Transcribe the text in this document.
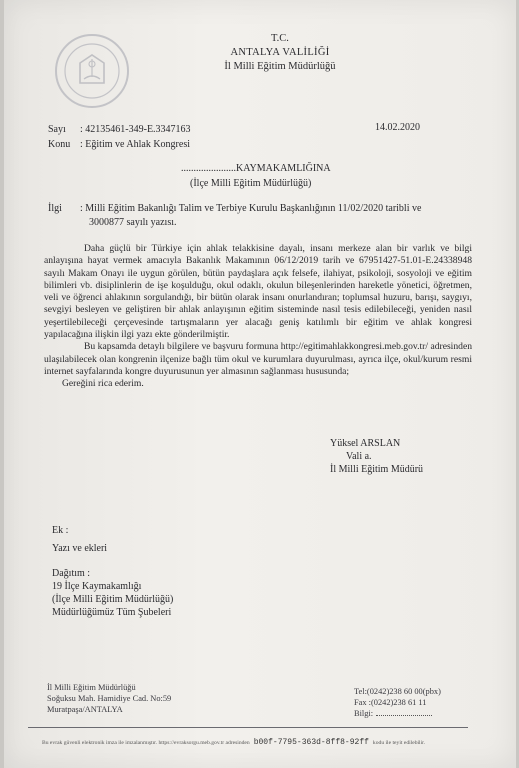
T.C.
ANTALYA VALİLİĞİ
İl Milli Eğitim Müdürlüğü
Sayı : 42135461-349-E.3347163	14.02.2020
Konu : Eğitim ve Ahlak Kongresi
......................KAYMAKAMLIĞINA
(İlçe Milli Eğitim Müdürlüğü)
İlgi : Milli Eğitim Bakanlığı Talim ve Terbiye Kurulu Başkanlığının 11/02/2020 taribli ve
3000877 sayılı yazısı.

Daha güçlü bir Türkiye için ahlak telakkisine dayalı, insanı merkeze alan bir varlık ve bilgi anlayışına hayat vermek amacıyla Bakanlık Makamının 06/12/2019 tarih ve 67951427-51.01-E.24338948 sayılı Makam Onayı ile uygun görülen, bütün paydaşlara açık felsefe, ilahiyat, psikoloji, sosyoloji ve eğitim bilimleri vb. disiplinlerin de işe koşulduğu, okul odaklı, okulun bileşenlerinden hareketle yönetici, öğretmen, veli ve öğrenci ahlakının sorgulandığı, bir bütün olarak insanı onurlandıran; toplumsal huzuru, barışı, saygıyı, sevgiyi besleyen ve geliştiren bir ahlak anlayışının eğitim sisteminde nasıl tesis edilebileceği, yeniden nasıl yeşertilebileceği çerçevesinde tartışmaların yer alacağı geniş katılımlı bir eğitim ve ahlak kongresi yapılacağına ilişkin ilgi yazı ekte gönderilmiştir.

Bu kapsamda detaylı bilgilere ve başvuru formuna http://egitimahlakkongresi.meb.gov.tr/ adresinden ulaşılabilecek olan kongrenin ilçenize bağlı tüm okul ve kurumlara duyurulması, ayrıca ilçe, okul/kurum resmi internet sayfalarında kongre duyurusunun yer almasının sağlanması hususunda;

Gereğini rica ederim.

Yüksel ARSLAN
Vali a.
İl Milli Eğitim Müdürü
Ek :
Yazı ve ekleri
Dağıtım :
19 İlçe Kaymakamlığı
(İlçe Milli Eğitim Müdürlüğü)
Müdürlüğümüz Tüm Şubeleri
İl Milli Eğitim Müdürlüğü
Soğuksu Mah. Hamidiye Cad. No:59
Muratpaşa/ANTALYA
Tel:(0242)238 60 00(pbx)
Fax :(0242)238 61 11
Bilgi:
Bu evrak güvenli elektronik imza ile imzalanmıştır. https://evraksorgu.meb.gov.tr adresinden b00f-7795-363d-8ff8-92ff kodu ile teyit edilebilir.
